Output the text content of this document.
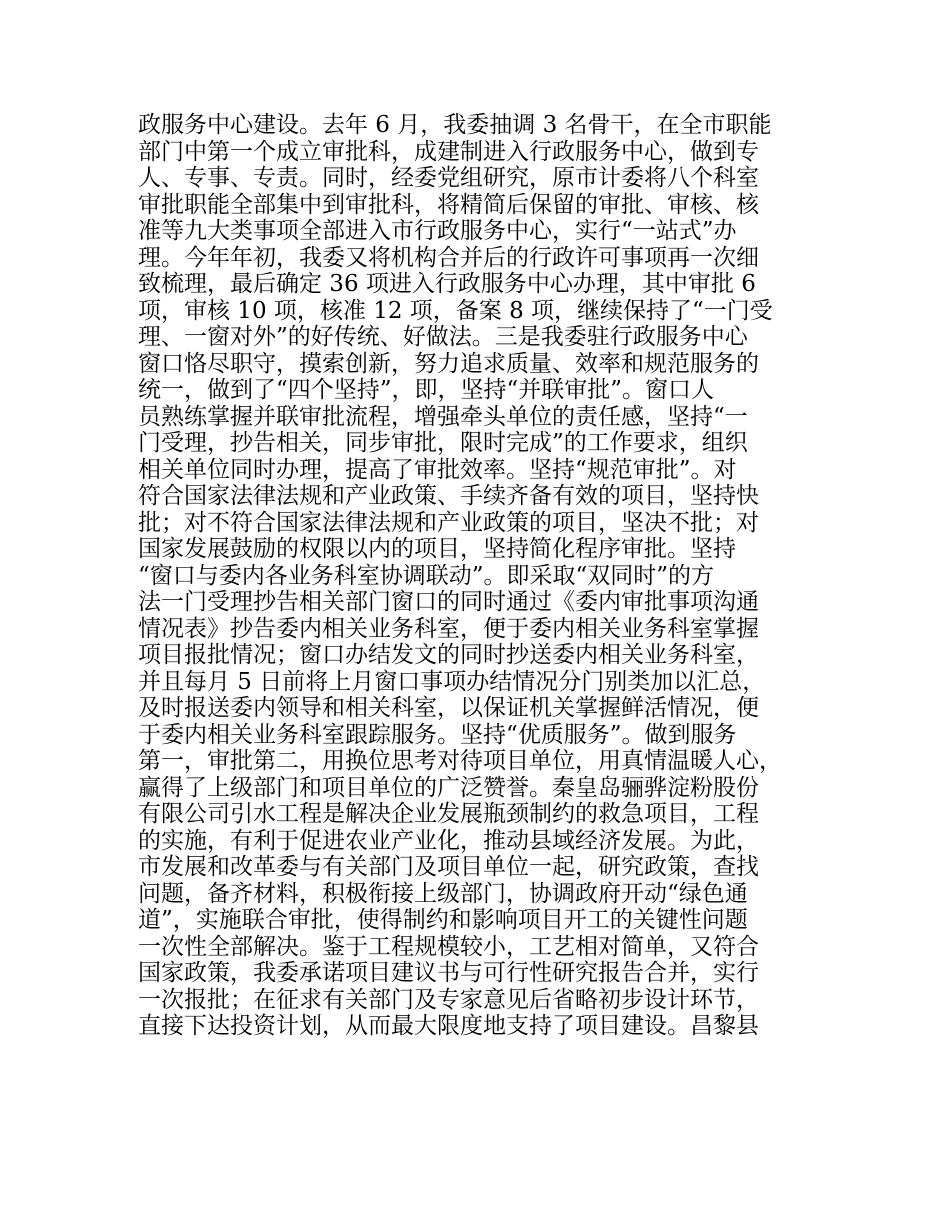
政服务中心建设。去年 6 月，我委抽调 3 名骨干，在全市职能
部门中第一个成立审批科，成建制进入行政服务中心，做到专
人、专事、专责。同时，经委党组研究，原市计委将八个科室
审批职能全部集中到审批科，将精简后保留的审批、审核、核
准等九大类事项全部进入市行政服务中心，实行“一站式”办
理。今年年初，我委又将机构合并后的行政许可事项再一次细
致梳理，最后确定 36 项进入行政服务中心办理，其中审批 6
项，审核 10 项，核准 12 项，备案 8 项，继续保持了“一门受
理、一窗对外”的好传统、好做法。三是我委驻行政服务中心
窗口恪尽职守，摸索创新，努力追求质量、效率和规范服务的
统一，做到了“四个坚持”，即，坚持“并联审批”。窗口人
员熟练掌握并联审批流程，增强牵头单位的责任感，坚持“一
门受理，抄告相关，同步审批，限时完成”的工作要求，组织
相关单位同时办理，提高了审批效率。坚持“规范审批”。对
符合国家法律法规和产业政策、手续齐备有效的项目，坚持快
批；对不符合国家法律法规和产业政策的项目，坚决不批；对
国家发展鼓励的权限以内的项目，坚持简化程序审批。坚持
“窗口与委内各业务科室协调联动”。即采取“双同时”的方
法一门受理抄告相关部门窗口的同时通过《委内审批事项沟通
情况表》抄告委内相关业务科室，便于委内相关业务科室掌握
项目报批情况；窗口办结发文的同时抄送委内相关业务科室，
并且每月 5 日前将上月窗口事项办结情况分门别类加以汇总，
及时报送委内领导和相关科室，以保证机关掌握鲜活情况，便
于委内相关业务科室跟踪服务。坚持“优质服务”。做到服务
第一，审批第二，用换位思考对待项目单位，用真情温暖人心，
赢得了上级部门和项目单位的广泛赞誉。秦皇岛骊骅淀粉股份
有限公司引水工程是解决企业发展瓶颈制约的救急项目，工程
的实施，有利于促进农业产业化，推动县域经济发展。为此，
市发展和改革委与有关部门及项目单位一起，研究政策，查找
问题，备齐材料，积极衔接上级部门，协调政府开动“绿色通
道”，实施联合审批，使得制约和影响项目开工的关键性问题
一次性全部解决。鉴于工程规模较小，工艺相对简单，又符合
国家政策，我委承诺项目建议书与可行性研究报告合并，实行
一次报批；在征求有关部门及专家意见后省略初步设计环节，
直接下达投资计划，从而最大限度地支持了项目建设。昌黎县
